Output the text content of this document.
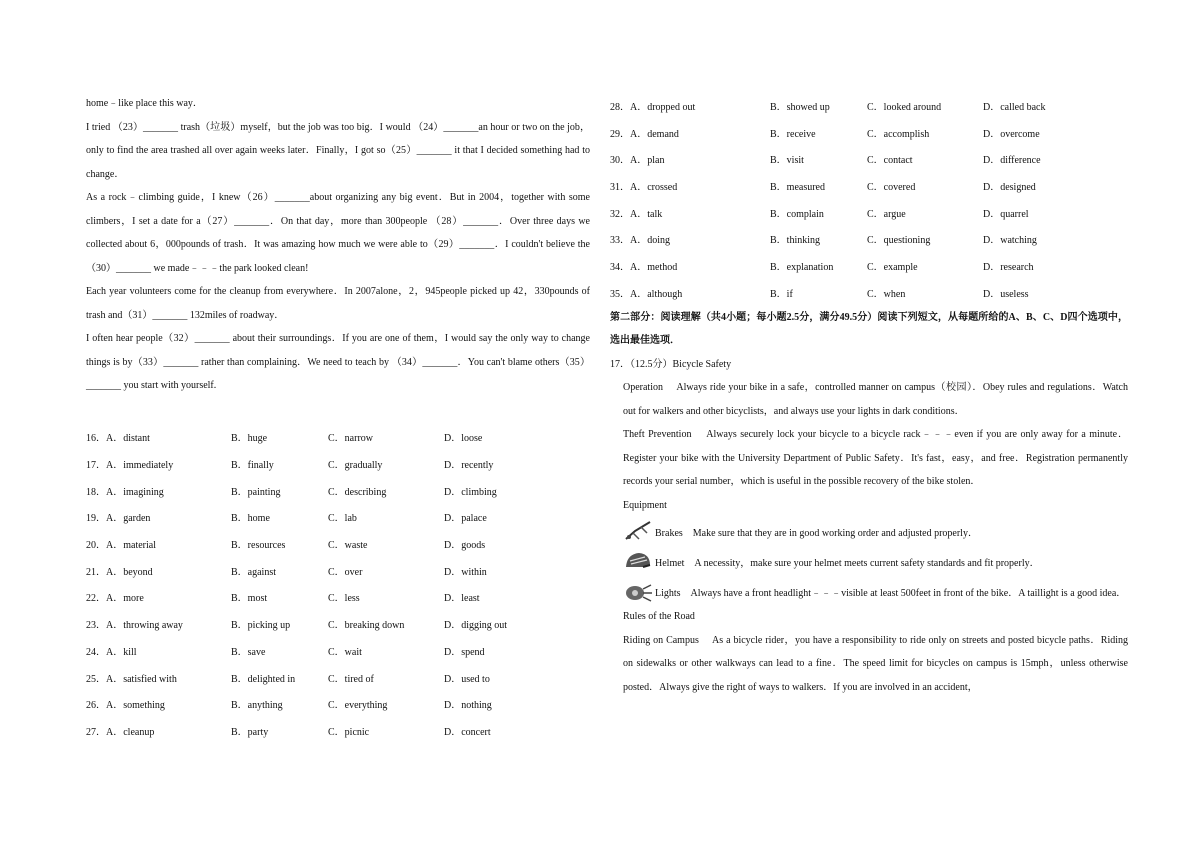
home﹣like place this way．

I tried （23）_______ trash（垃圾）myself，but the job was too big．I would （24）_______an hour or two on the job，only to find the area trashed all over again weeks later．Finally，I got so（25）_______ it that I decided something had to change．

As a rock﹣climbing guide，I knew（26）_______about organizing any big event．But in 2004，together with some climbers，I set a date for a（27）_______．On that day，more than 300people （28）_______．Over three days we collected about 6，000pounds of trash．It was amazing how much we were able to（29）_______．I couldn't believe the（30）_______ we made﹣﹣﹣the park looked clean!

Each year volunteers come for the cleanup from everywhere．In 2007alone，2，945people picked up 42，330pounds of trash and（31）_______ 132miles of roadway．

I often hear people（32）_______ about their surroundings．If you are one of them，I would say the only way to change things is by（33）_______ rather than complaining．We need to teach by （34）_______．You can't blame others（35）_______ you start with yourself.

16．A．distant	B．huge	C．narrow	D．loose
17．A．immediately	B．finally	C．gradually	D．recently
18．A．imagining	B．painting	C．describing	D．climbing
19．A．garden	B．home	C．lab	D．palace
20．A．material	B．resources	C．waste	D．goods
21．A．beyond	B．against	C．over	D．within
22．A．more	B．most	C．less	D．least
23．A．throwing away	B．picking up	C．breaking down	D．digging out
24．A．kill	B．save	C．wait	D．spend
25．A．satisfied with	B．delighted in	C．tired of	D．used to
26．A．something	B．anything	C．everything	D．nothing
27．A．cleanup	B．party	C．picnic	D．concert
28．A．dropped out	B．showed up	C．looked around	D．called back
29．A．demand	B．receive	C．accomplish	D．overcome
30．A．plan	B．visit	C．contact	D．difference
31．A．crossed	B．measured	C．covered	D．designed
32．A．talk	B．complain	C．argue	D．quarrel
33．A．doing	B．thinking	C．questioning	D．watching
34．A．method	B．explanation	C．example	D．research
35．A．although	B．if	C．when	D．useless

第二部分：阅读理解（共4小题；每小题2.5分，满分49.5分）阅读下列短文，从每题所给的A、B、C、D四个选项中，选出最佳选项．

17．（12.5分）Bicycle Safety

Operation　 Always ride your bike in a safe，controlled manner on campus（校园）．Obey rules and regulations．Watch out for walkers and other bicyclists，and always use your lights in dark conditions．

Theft Prevention　 Always securely lock your bicycle to a bicycle rack﹣﹣﹣even if you are only away for a minute．Register your bike with the University Department of Public Safety．It's fast，easy，and free．Registration permanently records your serial number，which is useful in the possible recovery of the bike stolen．

Equipment

Brakes　Make sure that they are in good working order and adjusted properly．

Helmet　A necessity，make sure your helmet meets current safety standards and fit properly．

Lights　Always have a front headlight﹣﹣﹣visible at least 500feet in front of the bike．A taillight is a good idea．

Rules of the Road

Riding on Campus　 As a bicycle rider，you have a responsibility to ride only on streets and posted bicycle paths．Riding on sidewalks or other walkways can lead to a fine．The speed limit for bicycles on campus is 15mph，unless otherwise posted．Always give the right of ways to walkers．If you are involved in an accident，
